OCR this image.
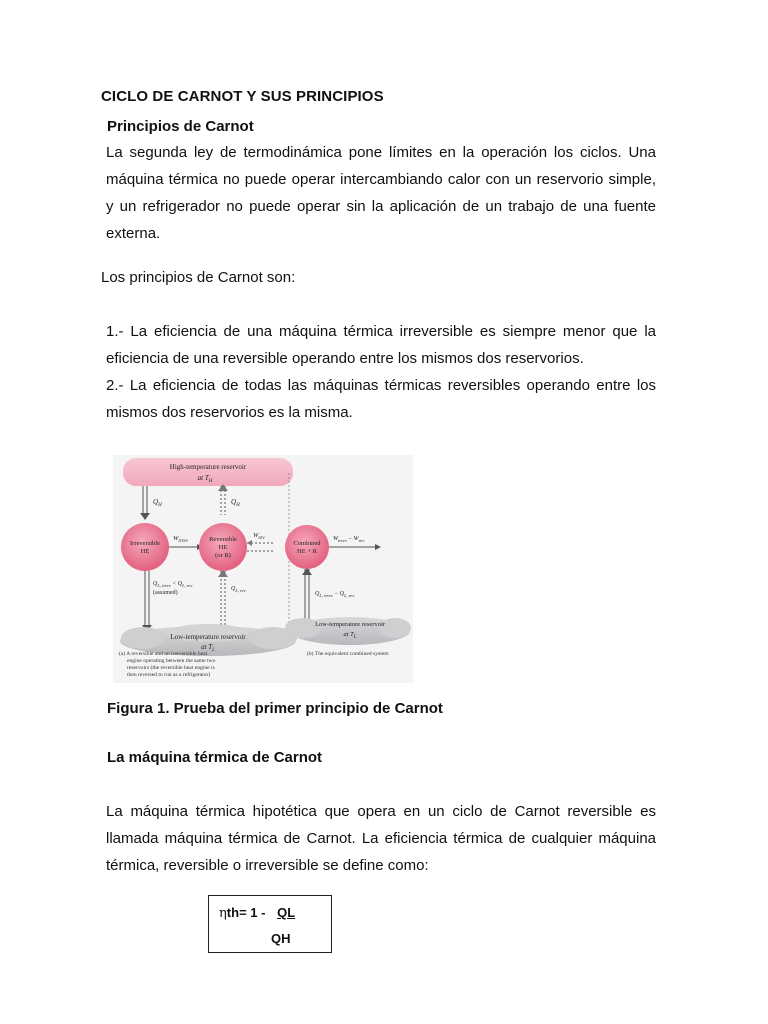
CICLO DE CARNOT Y SUS PRINCIPIOS
Principios de Carnot

La segunda ley de termodinámica pone límites en la operación los ciclos. Una

máquina térmica no puede operar intercambiando calor con un reservorio simple,

y un refrigerador no puede operar sin la aplicación de un trabajo de una fuente

externa.

Los principios de Carnot son:

1.- La eficiencia de una máquina térmica irreversible es siempre menor que la

eficiencia de una reversible operando entre los mismos dos reservorios.

2.- La eficiencia de todas las máquinas térmicas reversibles operando entre los

mismos dos reservorios es la misma.

High-temperature reservoir
at $T_H$
$Q_H$	$Q_H$
Irreversible
HE
$W_{irrev}$	Reversible
HE
(or R)
$W_{rev}$
$Q_{L, irrev} < Q_{L, rev}$
(assumed)
$Q_{L, rev}$
Low-temperature reservoir
at $T_L$
Combined
HE + R
$W_{irrev} - W_{rev}$
$Q_{L, irrev} - Q_{L, rev}$
Low-temperature reservoir
at $T_L$
(a) A reversible and an irreversible heat
engine operating between the same two
reservoirs (the reversible heat engine is
then reversed to run as a refrigerator)
(b) The equivalent combined system
Figura 1. Prueba del primer principio de Carnot
La máquina térmica de Carnot

La máquina térmica hipotética que opera en un ciclo de Carnot reversible es

llamada máquina térmica de Carnot. La eficiencia térmica de cualquier máquina

térmica, reversible o irreversible se define como:

ηth= 1 - QL
QH
